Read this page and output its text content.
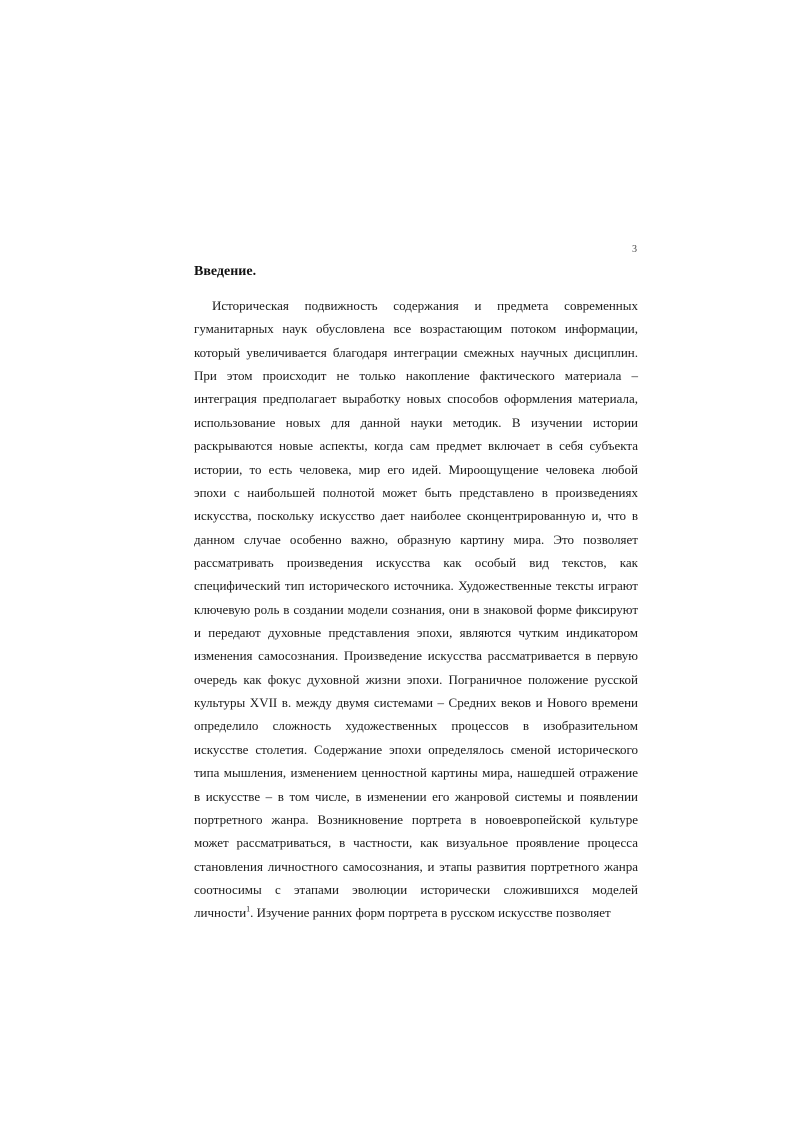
3
Введение.
Историческая подвижность содержания и предмета современных
гуманитарных наук обусловлена все возрастающим потоком информации,
который увеличивается благодаря интеграции смежных научных дисциплин.
При этом происходит не только накопление фактического материала –
интеграция предполагает выработку новых способов оформления материала,
использование новых для данной науки методик. В изучении истории
раскрываются новые аспекты, когда сам предмет включает в себя субъекта
истории, то есть человека, мир его идей. Мироощущение человека любой
эпохи с наибольшей полнотой может быть представлено в произведениях
искусства, поскольку искусство дает наиболее сконцентрированную и, что в
данном случае особенно важно, образную картину мира. Это позволяет
рассматривать произведения искусства как особый вид текстов, как
специфический тип исторического источника. Художественные тексты играют
ключевую роль в создании модели сознания, они в знаковой форме фиксируют
и передают духовные представления эпохи, являются чутким индикатором
изменения самосознания. Произведение искусства рассматривается в первую
очередь как фокус духовной жизни эпохи. Пограничное положение русской
культуры XVII в. между двумя системами – Средних веков и Нового времени
определило сложность художественных процессов в изобразительном
искусстве столетия. Содержание эпохи определялось сменой исторического
типа мышления, изменением ценностной картины мира, нашедшей отражение
в искусстве – в том числе, в изменении его жанровой системы и появлении
портретного жанра. Возникновение портрета в новоевропейской культуре
может рассматриваться, в частности, как визуальное проявление процесса
становления личностного самосознания, и этапы развития портретного жанра
соотносимы с этапами эволюции исторически сложившихся моделей
личности$^1$. Изучение ранних форм портрета в русском искусстве позволяет
